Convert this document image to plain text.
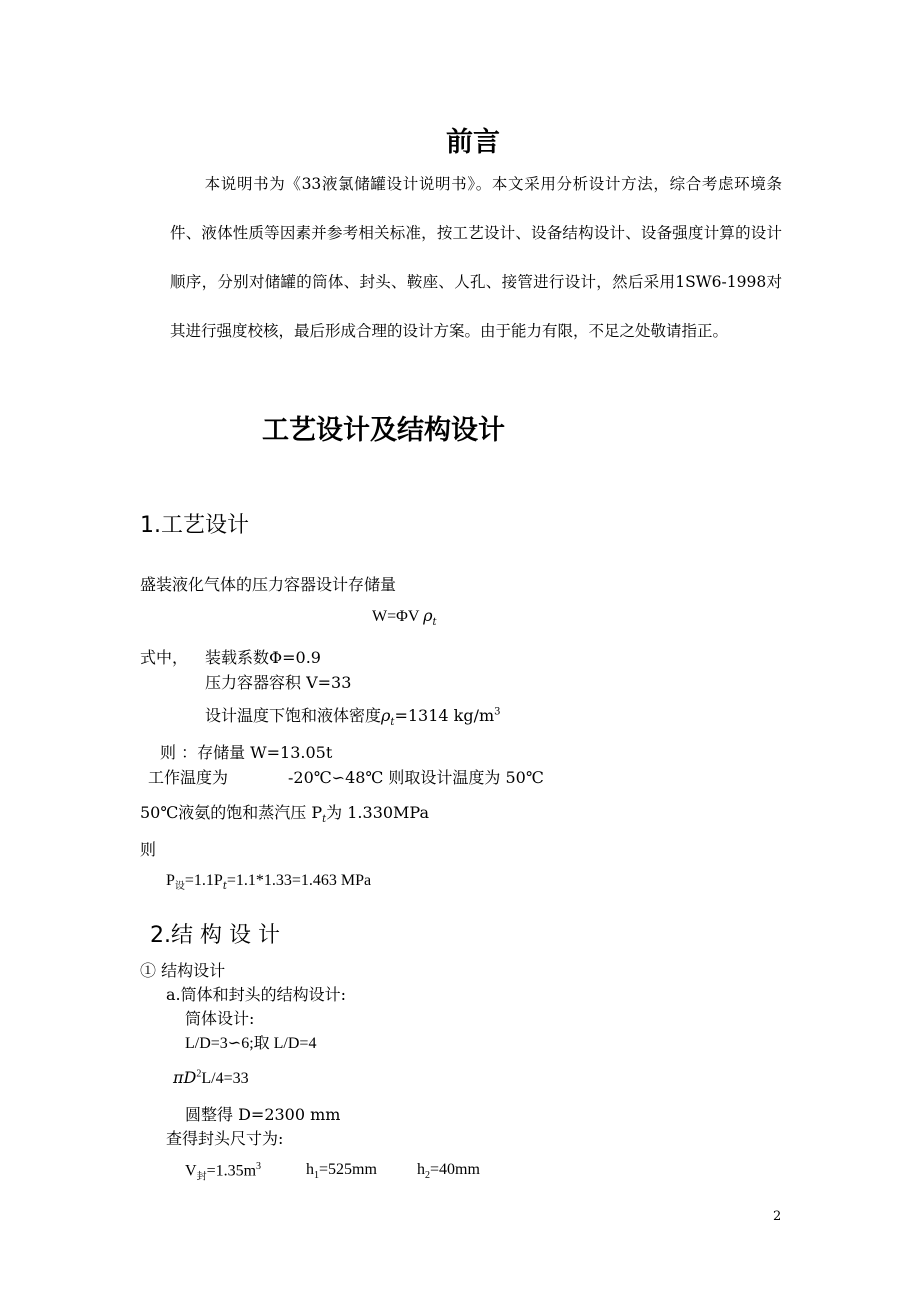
前言
本说明书为《33液氯储罐设计说明书》。本文采用分析设计方法，综合考虑环境条件、液体性质等因素并参考相关标准，按工艺设计、设备结构设计、设备强度计算的设计顺序，分别对储罐的筒体、封头、鞍座、人孔、接管进行设计，然后采用1SW6-1998对其进行强度校核，最后形成合理的设计方案。由于能力有限，不足之处敬请指正。
工艺设计及结构设计
1.工艺设计
盛装液化气体的压力容器设计存储量
W=ΦV $\rho_t$
式中， 装载系数Φ=0.9
压力容器容积 V=33
设计温度下饱和液体密度$\rho_t=1314$ $kg/m^3$
则 ：存储量 W=13.05t
工作温度为	-20℃∽48℃ 则取设计温度为 50℃
50℃液氨的饱和蒸汽压 $P_t$为 1.330MPa
则
$P_设=1.1P_t=1.1*1.33=1.463$ MPa
2.结 构 设 计
① 结构设计
a.筒体和封头的结构设计:
筒体设计:
L/D=3∽6;取 L/D=4
$\pi D^2L/4=33$
圆整得 D=2300 mm
查得封头尺寸为:
$V_封=1.35m^3$	$h_1=525mm$	$h_2=40mm$
2
